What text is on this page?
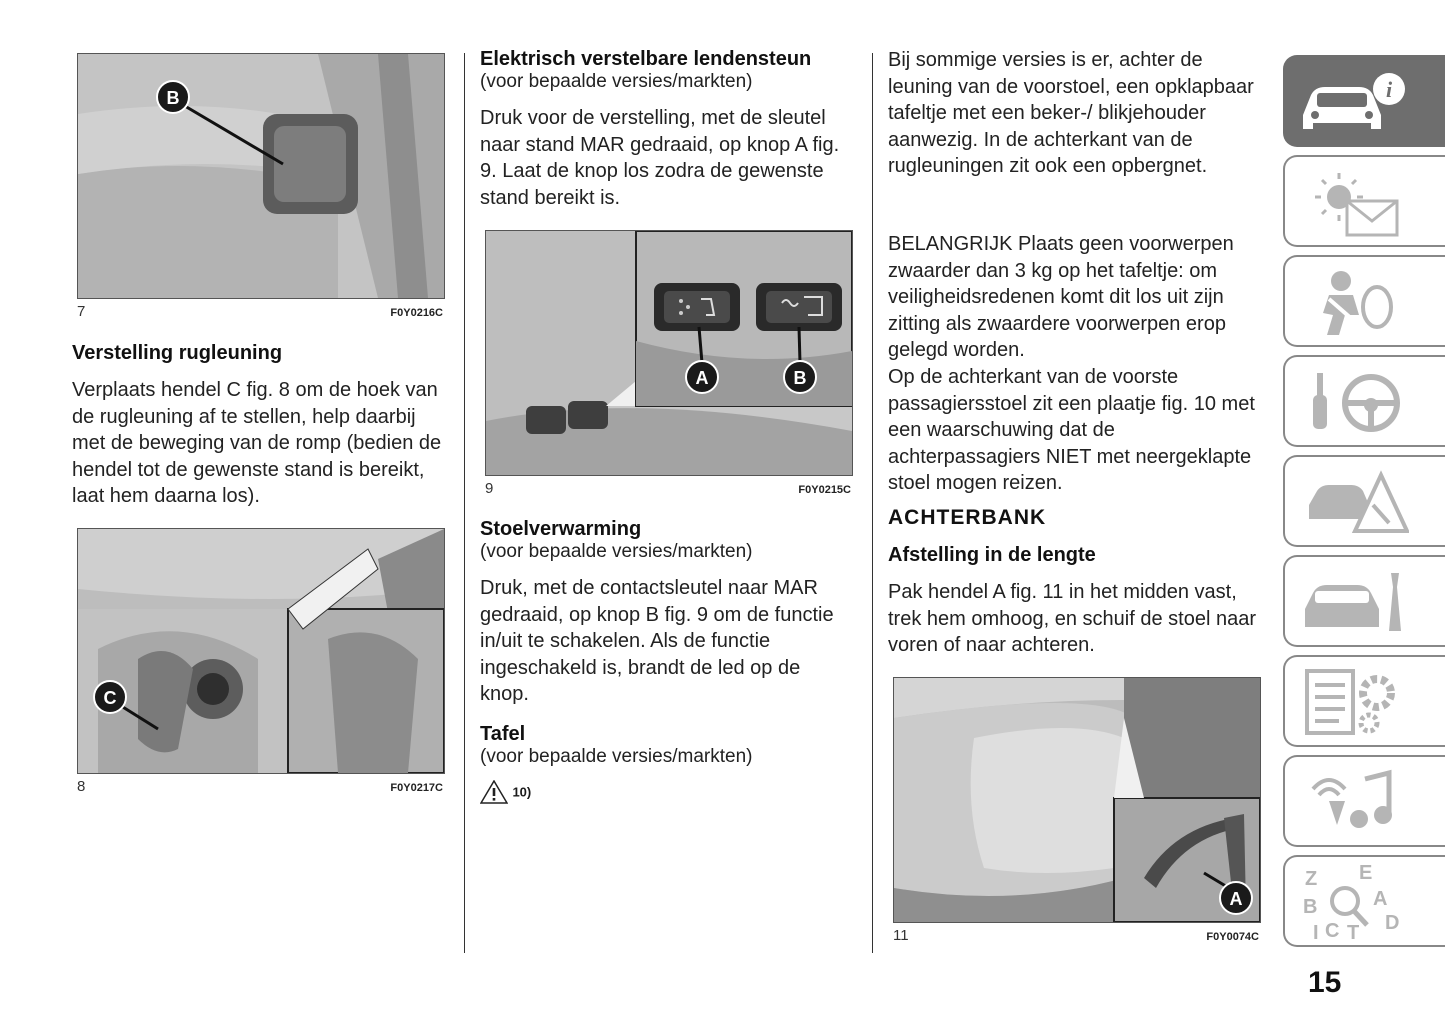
B
7	F0Y0216C
Verstelling rugleuning

Verplaats hendel C fig. 8 om de hoek van de rugleuning af te stellen, help daarbij met de beweging van de romp (bedien de hendel tot de gewenste stand is bereikt, laat hem daarna los).

C
8	F0Y0217C
Elektrisch verstelbare lendensteun
(voor bepaalde versies/markten)

Druk voor de verstelling, met de sleutel naar stand MAR gedraaid, op knop A fig. 9. Laat de knop los zodra de gewenste stand bereikt is.

A	B
9	F0Y0215C
Stoelverwarming
(voor bepaalde versies/markten)

Druk, met de contactsleutel naar MAR gedraaid, op knop B fig. 9 om de functie in/uit te schakelen. Als de functie ingeschakeld is, brandt de led op de knop.

Tafel
(voor bepaalde versies/markten)
10)

Bij sommige versies is er, achter de leuning van de voorstoel, een opklapbaar tafeltje met een beker-/ blikjehouder aanwezig. In de achterkant van de rugleuningen zit ook een opbergnet.

BELANGRIJK Plaats geen voorwerpen zwaarder dan 3 kg op het tafeltje: om veiligheidsredenen komt dit los uit zijn zitting als zwaardere voorwerpen erop gelegd worden.

Op de achterkant van de voorste passagiersstoel zit een plaatje fig. 10 met een waarschuwing dat de achterpassagiers NIET met neergeklapte stoel mogen reizen.

ACHTERBANK
Afstelling in de lengte

Pak hendel A fig. 11 in het midden vast, trek hem omhoog, en schuif de stoel naar voren of naar achteren.

A
11	F0Y0074C
i
Z E
B	A
D
C T
I
15
